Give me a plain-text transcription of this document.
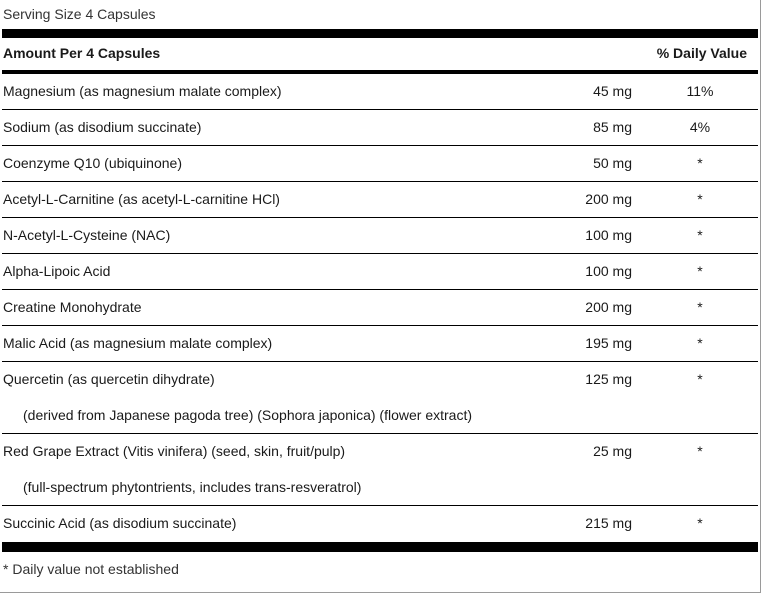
Serving Size 4 Capsules
Amount Per 4 Capsules	% Daily Value
Magnesium (as magnesium malate complex)	45 mg	11%
Sodium (as disodium succinate)	85 mg	4%
Coenzyme Q10 (ubiquinone)	50 mg	*
Acetyl-L-Carnitine (as acetyl-L-carnitine HCl)	200 mg	*
N-Acetyl-L-Cysteine (NAC)	100 mg	*
Alpha-Lipoic Acid	100 mg	*
Creatine Monohydrate	200 mg	*
Malic Acid (as magnesium malate complex)	195 mg	*
Quercetin (as quercetin dihydrate)	125 mg	*
(derived from Japanese pagoda tree) (Sophora japonica) (flower extract)
Red Grape Extract (Vitis vinifera) (seed, skin, fruit/pulp)	25 mg	*
(full-spectrum phytontrients, includes trans-resveratrol)
Succinic Acid (as disodium succinate)	215 mg	*
* Daily value not established
